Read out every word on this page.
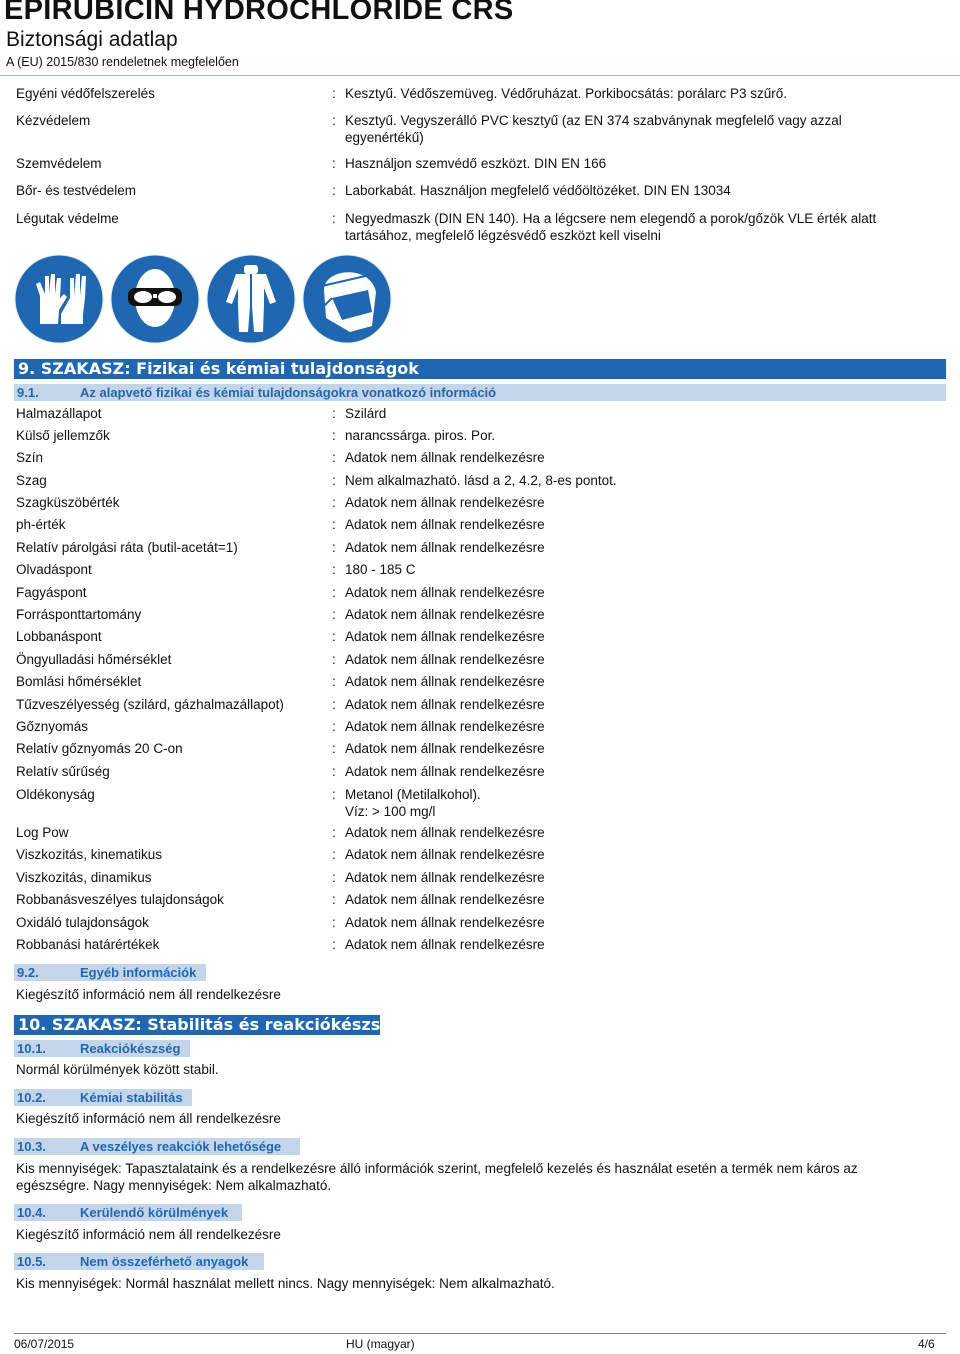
EPIRUBICIN HYDROCHLORIDE CRS
Biztonsági adatlap
A (EU) 2015/830 rendeletnek megfelelően
Egyéni védőfelszerelés	: Kesztyű. Védőszemüveg. Védőruházat. Porkibocsátás: porálarc P3 szűrő.
Kézvédelem	: Kesztyű. Vegyszerálló PVC kesztyű (az EN 374 szabványnak megfelelő vagy azzal egyenértékű)
Szemvédelem	: Használjon szemvédő eszközt. DIN EN 166
Bőr- és testvédelem	: Laborkabát. Használjon megfelelő védőöltözéket. DIN EN 13034
Légutak védelme	: Negyedmaszk (DIN EN 140). Ha a légcsere nem elegendő a porok/gőzök VLE érték alatt tartásához, megfelelő légzésvédő eszközt kell viselni
9. SZAKASZ: Fizikai és kémiai tulajdonságok
9.1.	Az alapvető fizikai és kémiai tulajdonságokra vonatkozó információ
Halmazállapot	: Szilárd
Külső jellemzők	: narancssárga. piros. Por.
Szín	: Adatok nem állnak rendelkezésre
Szag	: Nem alkalmazható. lásd a 2, 4.2, 8-es pontot.
Szagküszöbérték	: Adatok nem állnak rendelkezésre
ph-érték	: Adatok nem állnak rendelkezésre
Relatív párolgási ráta (butil-acetát=1)	: Adatok nem állnak rendelkezésre
Olvadáspont	: 180 - 185 C
Fagyáspont	: Adatok nem állnak rendelkezésre
Forrásponttartomány	: Adatok nem állnak rendelkezésre
Lobbanáspont	: Adatok nem állnak rendelkezésre
Öngyulladási hőmérséklet	: Adatok nem állnak rendelkezésre
Bomlási hőmérséklet	: Adatok nem állnak rendelkezésre
Tűzveszélyesség (szilárd, gázhalmazállapot)	: Adatok nem állnak rendelkezésre
Gőznyomás	: Adatok nem állnak rendelkezésre
Relatív gőznyomás 20 C-on	: Adatok nem állnak rendelkezésre
Relatív sűrűség	: Adatok nem állnak rendelkezésre
Oldékonyság	: Metanol (Metilalkohol).
Víz: > 100 mg/l
Log Pow	: Adatok nem állnak rendelkezésre
Viszkozitás, kinematikus	: Adatok nem állnak rendelkezésre
Viszkozitás, dinamikus	: Adatok nem állnak rendelkezésre
Robbanásveszélyes tulajdonságok	: Adatok nem állnak rendelkezésre
Oxidáló tulajdonságok	: Adatok nem állnak rendelkezésre
Robbanási határértékek	: Adatok nem állnak rendelkezésre
9.2.	Egyéb információk
Kiegészítő információ nem áll rendelkezésre
10. SZAKASZ: Stabilitás és reakciókészség
10.1.	Reakciókészség
Normál körülmények között stabil.
10.2.	Kémiai stabilitás
Kiegészítő információ nem áll rendelkezésre
10.3.	A veszélyes reakciók lehetősége
Kis mennyiségek: Tapasztalataink és a rendelkezésre álló információk szerint, megfelelő kezelés és használat esetén a termék nem káros az egészségre. Nagy mennyiségek: Nem alkalmazható.
10.4.	Kerülendő körülmények
Kiegészítő információ nem áll rendelkezésre
10.5.	Nem összeférhető anyagok
Kis mennyiségek: Normál használat mellett nincs. Nagy mennyiségek: Nem alkalmazható.
06/07/2015	HU (magyar)	4/6
